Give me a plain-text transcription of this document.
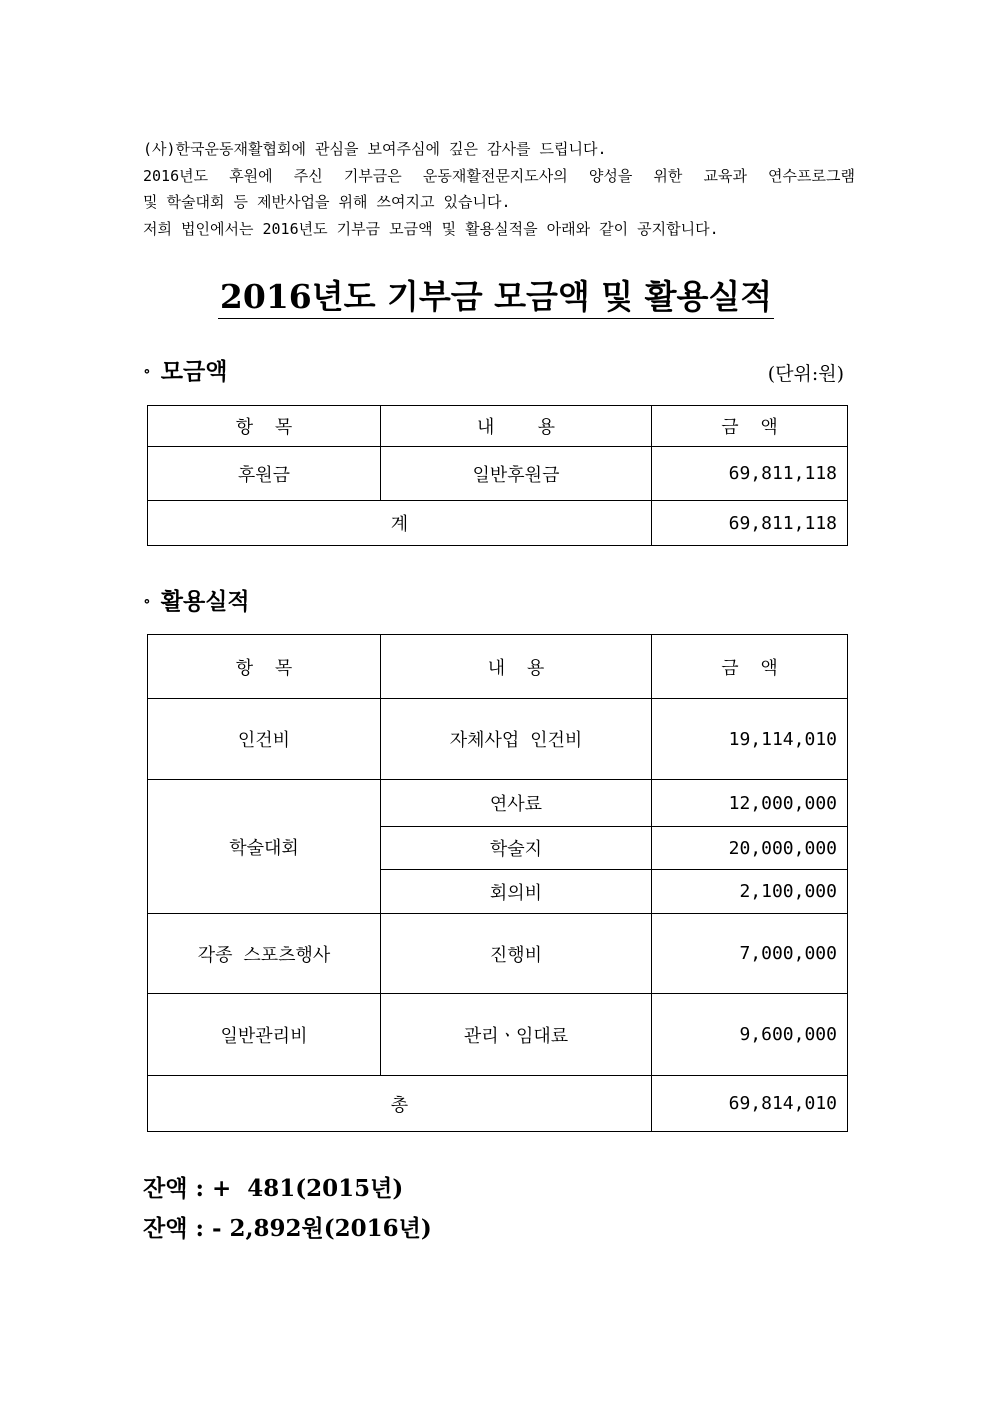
(사)한국운동재활협회에 관심을 보여주심에 깊은 감사를 드립니다.

2016년도 후원에 주신 기부금은 운동재활전문지도사의 양성을 위한 교육과 연수프로그램

및 학술대회 등 제반사업을 위해 쓰여지고 있습니다.

저희 법인에서는 2016년도 기부금 모금액 및 활용실적을 아래와 같이 공지합니다.

2016년도 기부금 모금액 및 활용실적
∘ 모금액	(단위:원)
항  목	내    용	금  액
후원금	일반후원금	69,811,118
계		69,811,118
∘ 활용실적
항  목	내  용	금  액
인건비	자체사업 인건비	19,114,010
학술대회	연사료	12,000,000
	학술지	20,000,000
	회의비	2,100,000
각종 스포츠행사	진행비	7,000,000
일반관리비	관리ㆍ임대료	9,600,000
총		69,814,010

잔액 : +  481(2015년)

잔액 : - 2,892원(2016년)
